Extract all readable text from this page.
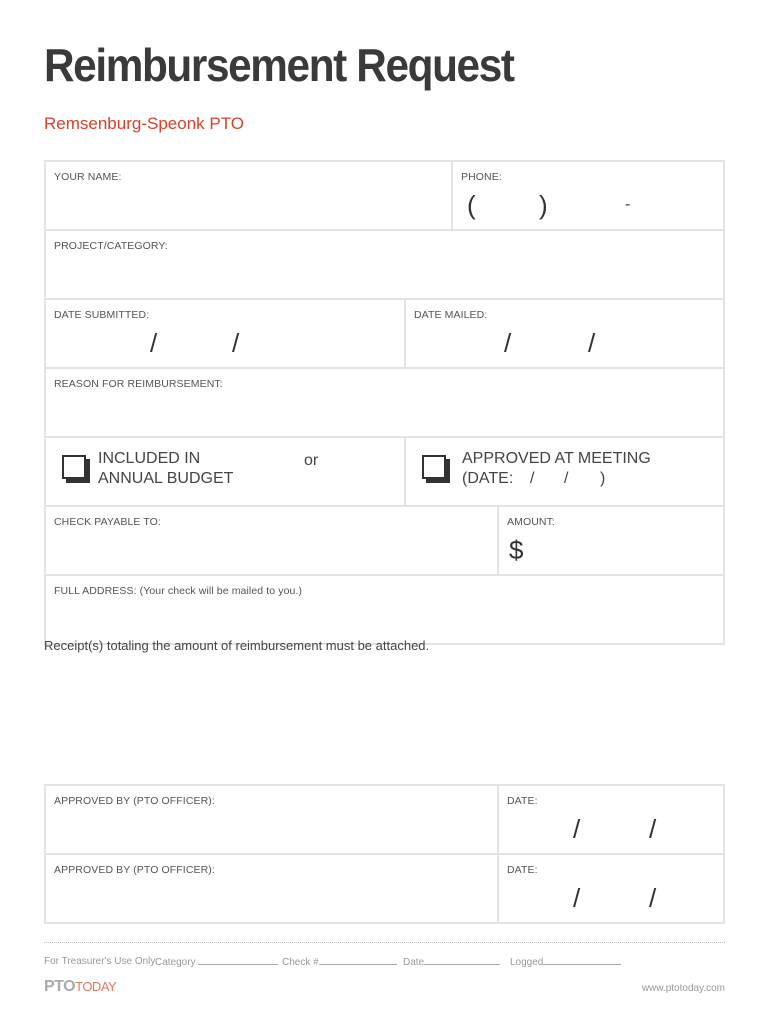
Reimbursement Request
Remsenburg-Speonk PTO
YOUR NAME:	PHONE:
( )	-
PROJECT/CATEGORY:
DATE SUBMITTED:
/	/
DATE MAILED:
/	/
REASON FOR REIMBURSEMENT:
INCLUDED IN
ANNUAL BUDGET
or	APPROVED AT MEETING
(DATE: / / )
CHECK PAYABLE TO:	AMOUNT:
$
FULL ADDRESS: (Your check will be mailed to you.)
Receipt(s) totaling the amount of reimbursement must be attached.
APPROVED BY (PTO OFFICER):	DATE:
/	/
APPROVED BY (PTO OFFICER):	DATE:
/	/
For Treasurer's Use Only:
Category	Check #	Date	Logged
PTOTODAY	www.ptotoday.com
